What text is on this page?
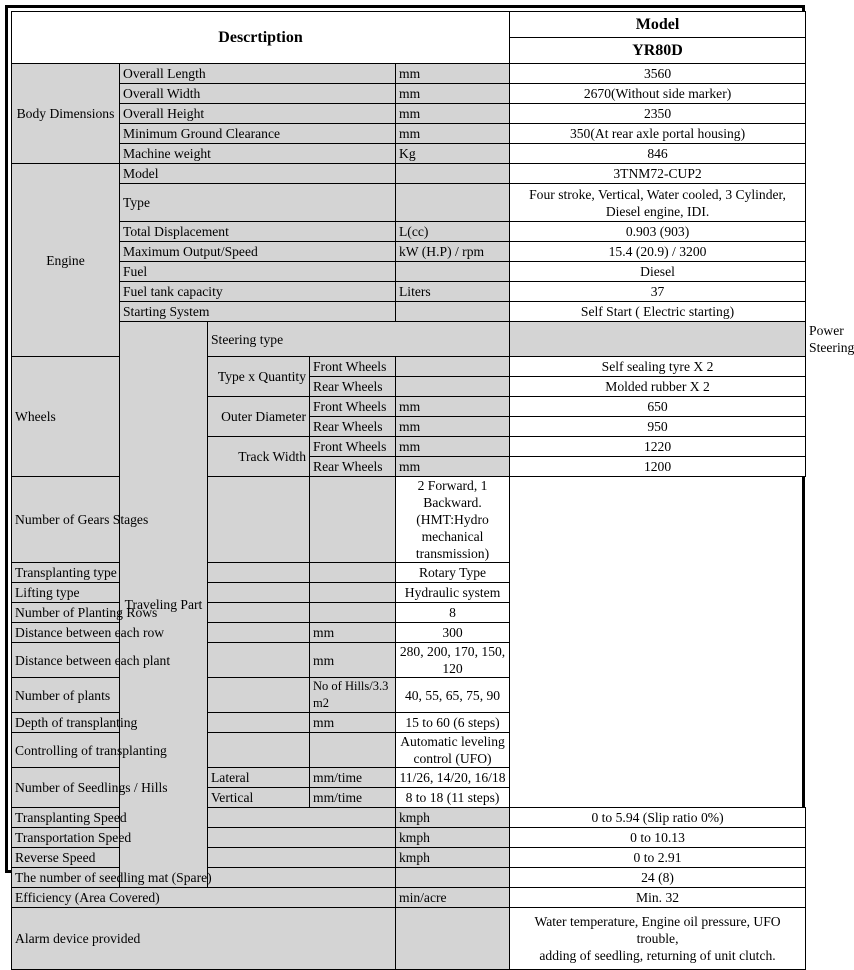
Descrtiption					Model	
					YR80D	
Body Dimensions	Overall Length			mm	3560	
	Overall Width			mm	2670(Without side marker)	
	Overall Height			mm	2350	
	Minimum Ground Clearance			mm	350(At rear axle portal housing)	
	Machine weight			Kg	846	
Engine	Model				3TNM72-CUP2	
	Type				Four stroke, Vertical, Water cooled, 3 Cylinder,
Diesel engine, IDI.	
	Total Displacement			L(cc)	0.903 (903)	
	Maximum Output/Speed			kW (H.P) / rpm	15.4 (20.9) / 3200	
	Fuel				Diesel	
	Fuel tank capacity			Liters	37	
	Starting System				Self Start ( Electric starting)	
	Traveling Part	Steering type				Power Steering
Wheels		Type x Quantity	Front Wheels		Self sealing tyre X 2	
			Rear Wheels		Molded rubber X 2	
		Outer Diameter	Front Wheels	mm	650	
			Rear Wheels	mm	950	
		Track Width	Front Wheels	mm	1220	
			Rear Wheels	mm	1200	
Number of Gears Stages				2 Forward, 1 Backward.
(HMT:Hydro mechanical transmission)		
Transplanting type				Rotary Type		
Lifting type				Hydraulic system		
Number of Planting Rows				8		
Distance between each row			mm	300		
Distance between each plant			mm	280, 200, 170, 150, 120		
Number of plants			No of Hills/3.3 m2	40, 55, 65, 75, 90		
Depth of transplanting			mm	15 to 60 (6 steps)		
Controlling of transplanting				Automatic leveling control (UFO)		
Number of Seedlings / Hills		Lateral	mm/time	11/26, 14/20, 16/18		
		Vertical	mm/time	8 to 18 (11 steps)		
Transplanting Speed				kmph	0 to 5.94 (Slip ratio 0%)	
Transportation Speed				kmph	0 to 10.13	
Reverse Speed				kmph	0 to 2.91	
The number of seedling mat (Spare)					24 (8)	
Efficiency (Area Covered)				min/acre	Min. 32	
Alarm device provided					Water temperature, Engine oil pressure, UFO
trouble,
adding of seedling, returning of unit clutch.	
